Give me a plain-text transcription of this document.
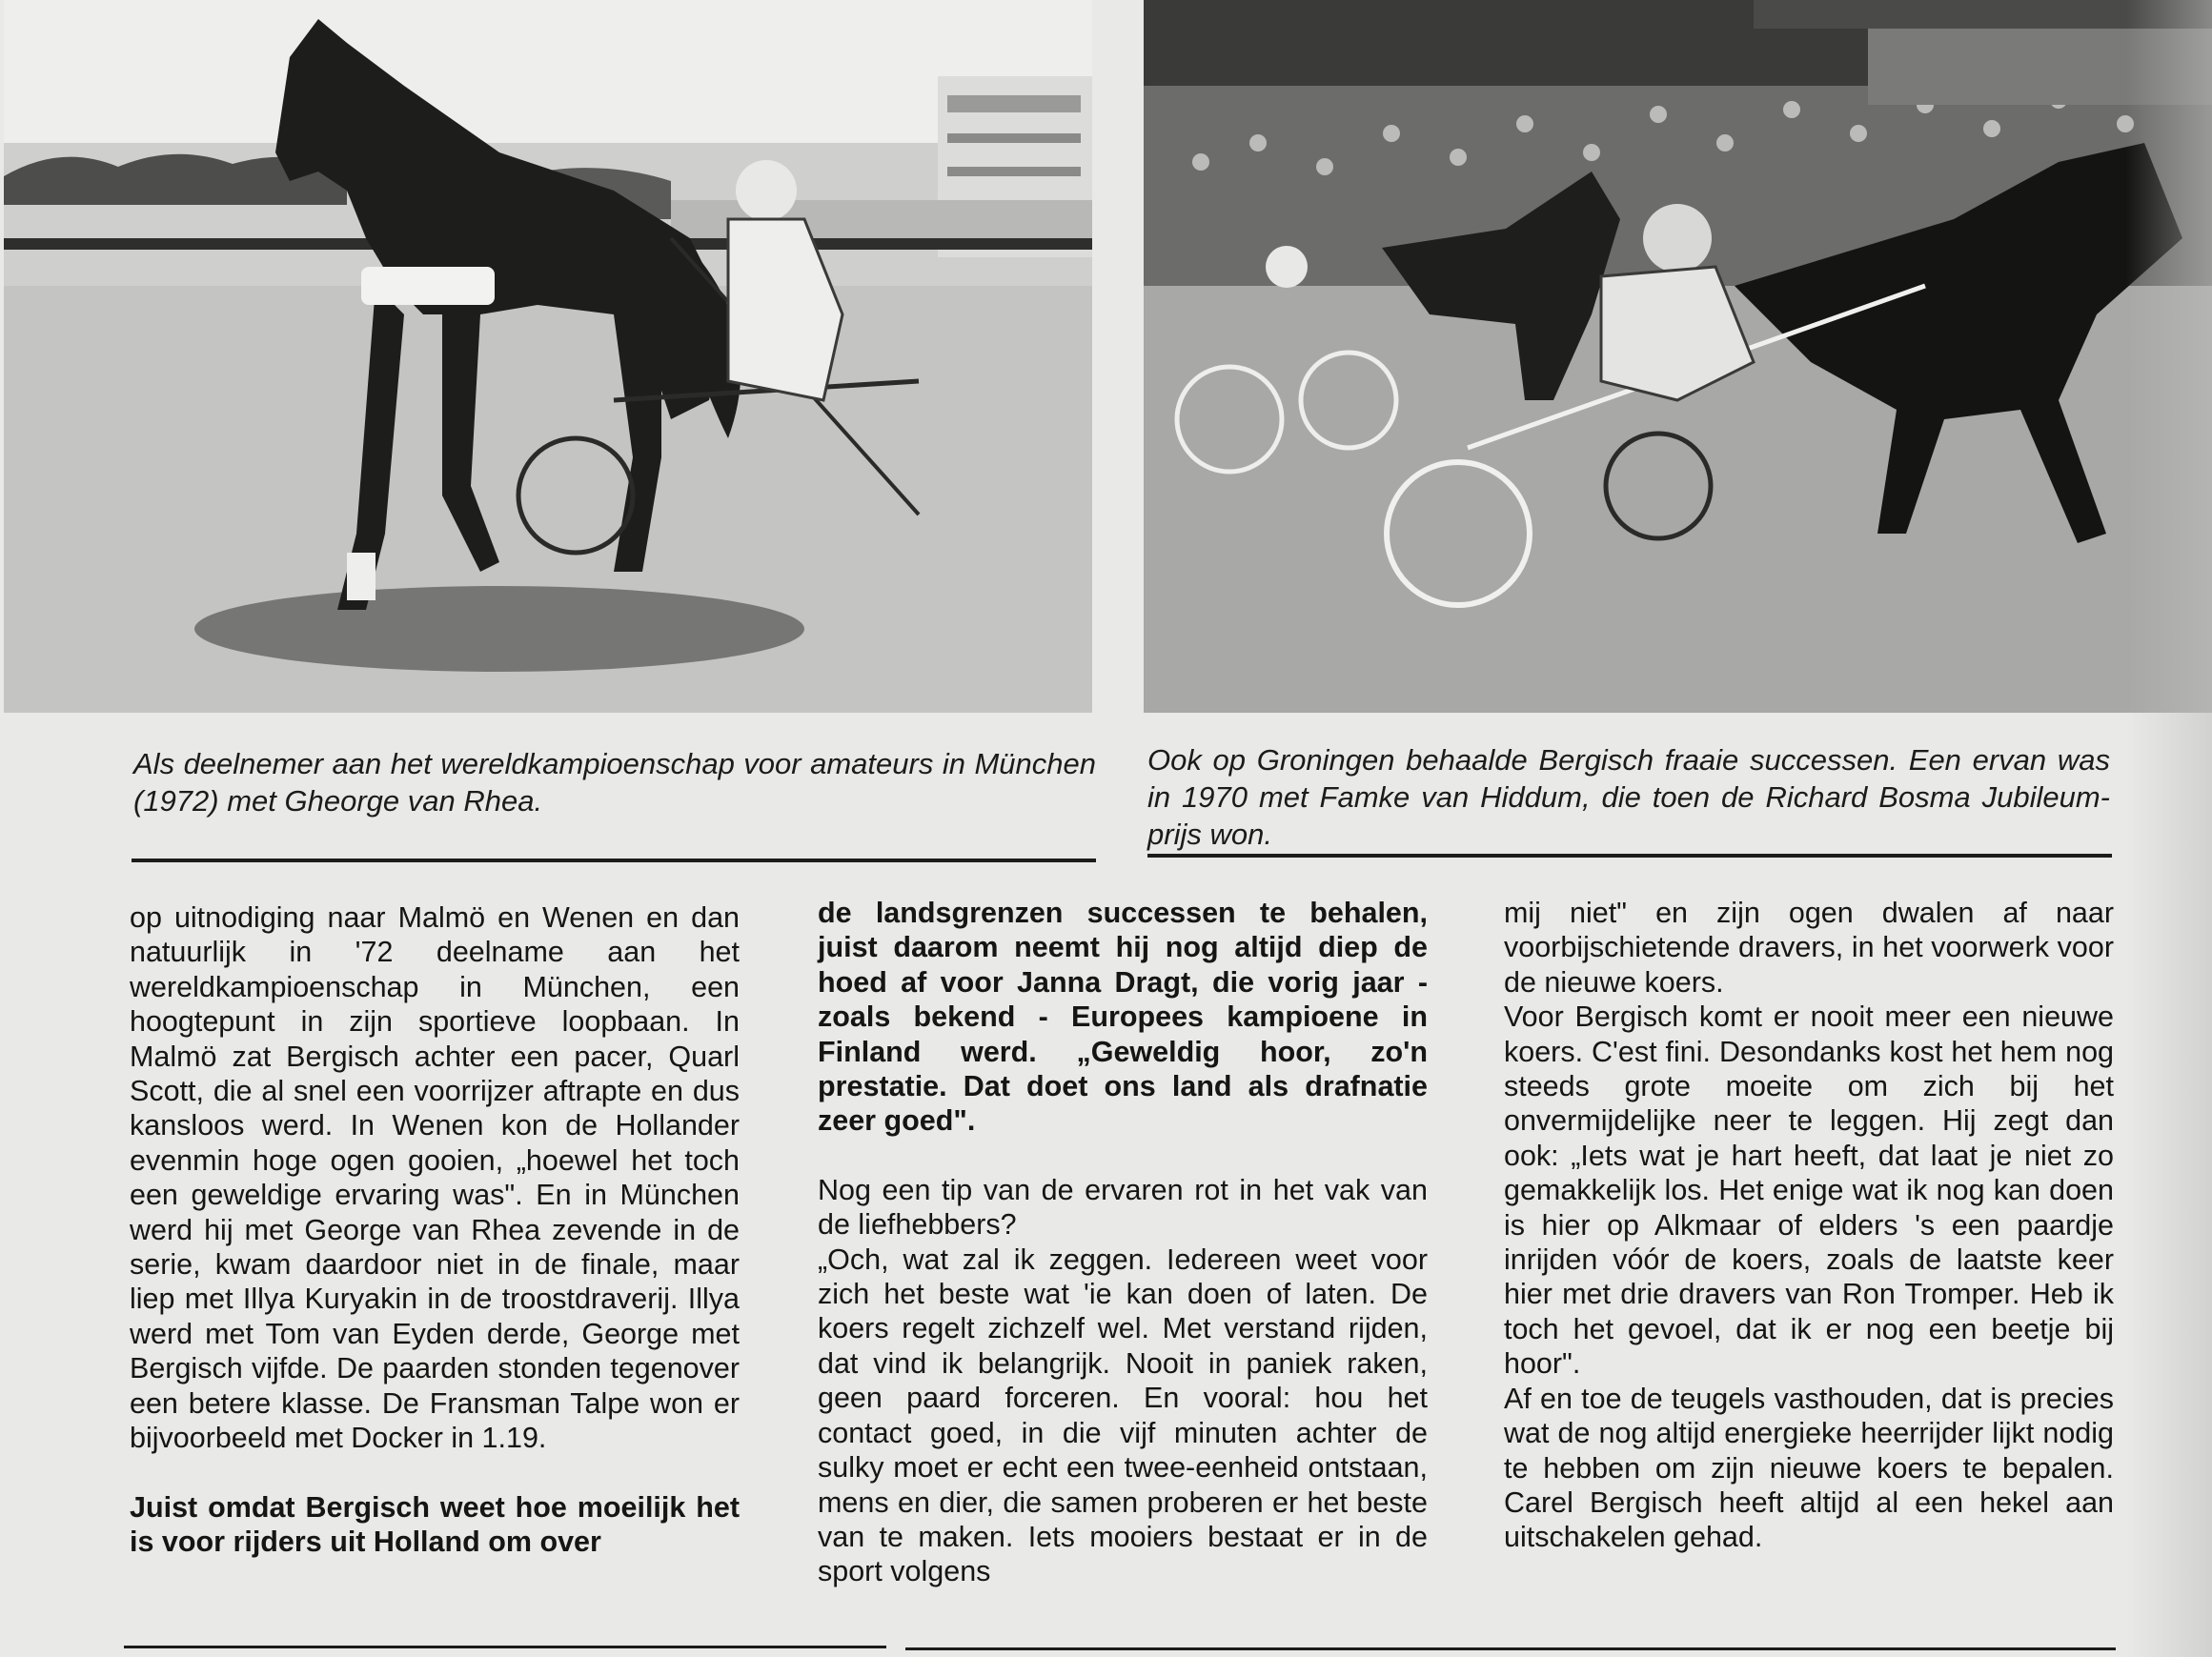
Als deelnemer aan het wereldkampioenschap voor amateurs in München (1972) met Gheorge van Rhea.

Ook op Groningen behaalde Bergisch fraaie successen. Een ervan was in 1970 met Famke van Hiddum, die toen de Richard Bosma Jubileum-prijs won.

op uitnodiging naar Malmö en Wenen en dan natuurlijk in '72 deelname aan het wereldkampioenschap in München, een hoogtepunt in zijn sportieve loopbaan. In Malmö zat Bergisch achter een pacer, Quarl Scott, die al snel een voorrijzer aftrapte en dus kansloos werd. In Wenen kon de Hollander evenmin hoge ogen gooien, „hoewel het toch een geweldige ervaring was". En in München werd hij met George van Rhea zevende in de serie, kwam daardoor niet in de finale, maar liep met Illya Kuryakin in de troostdraverij. Illya werd met Tom van Eyden derde, George met Bergisch vijfde. De paarden stonden tegenover een betere klasse. De Fransman Talpe won er bijvoorbeeld met Docker in 1.19.

Juist omdat Bergisch weet hoe moeilijk het is voor rijders uit Holland om over

de landsgrenzen successen te behalen, juist daarom neemt hij nog altijd diep de hoed af voor Janna Dragt, die vorig jaar - zoals bekend - Europees kampioene in Finland werd. „Geweldig hoor, zo'n prestatie. Dat doet ons land als drafnatie zeer goed".

Nog een tip van de ervaren rot in het vak van de liefhebbers?

„Och, wat zal ik zeggen. Iedereen weet voor zich het beste wat 'ie kan doen of laten. De koers regelt zichzelf wel. Met verstand rijden, dat vind ik belangrijk. Nooit in paniek raken, geen paard forceren. En vooral: hou het contact goed, in die vijf minuten achter de sulky moet er echt een twee-eenheid ontstaan, mens en dier, die samen proberen er het beste van te maken. Iets mooiers bestaat er in de sport volgens

mij niet" en zijn ogen dwalen af naar voorbijschietende dravers, in het voorwerk voor de nieuwe koers.

Voor Bergisch komt er nooit meer een nieuwe koers. C'est fini. Desondanks kost het hem nog steeds grote moeite om zich bij het onvermijdelijke neer te leggen. Hij zegt dan ook: „Iets wat je hart heeft, dat laat je niet zo gemakkelijk los. Het enige wat ik nog kan doen is hier op Alkmaar of elders 's een paardje inrijden vóór de koers, zoals de laatste keer hier met drie dravers van Ron Tromper. Heb ik toch het gevoel, dat ik er nog een beetje bij hoor".

Af en toe de teugels vasthouden, dat is precies wat de nog altijd energieke heerrijder lijkt nodig te hebben om zijn nieuwe koers te bepalen. Carel Bergisch heeft altijd al een hekel aan uitschakelen gehad.
